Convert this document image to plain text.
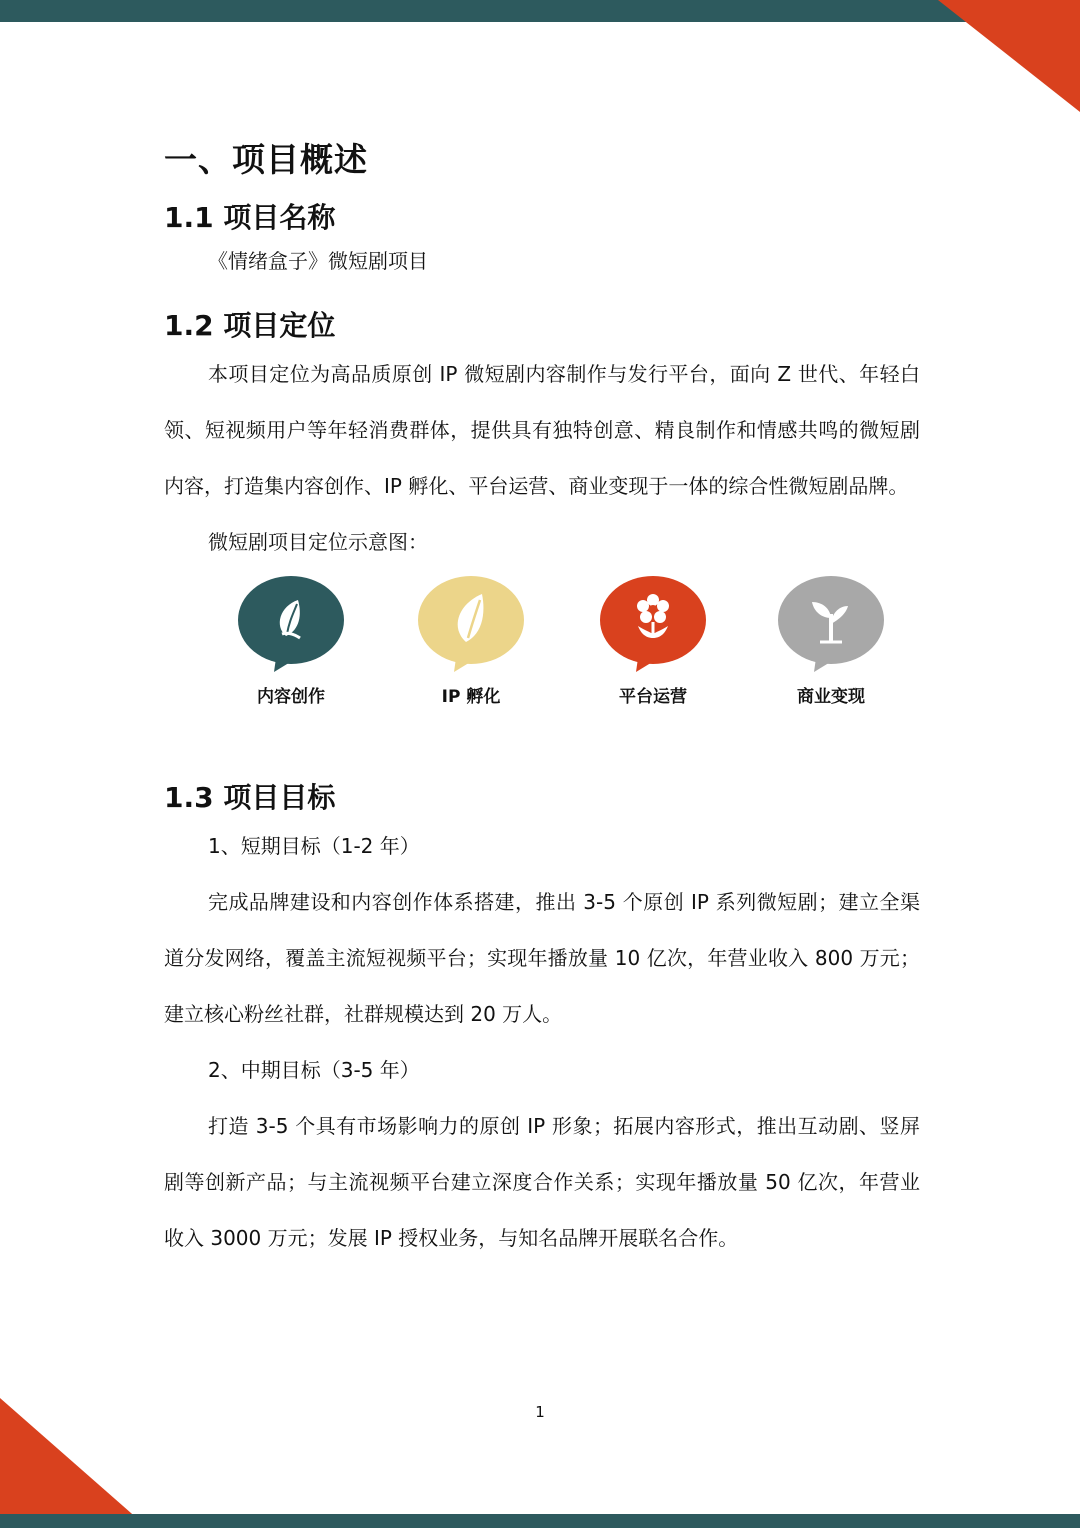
一、项目概述
1.1 项目名称
《情绪盒子》微短剧项目
1.2 项目定位

本项目定位为高品质原创 IP 微短剧内容制作与发行平台，面向 Z 世代、年轻白领、短视频用户等年轻消费群体，提供具有独特创意、精良制作和情感共鸣的微短剧内容，打造集内容创作、IP 孵化、平台运营、商业变现于一体的综合性微短剧品牌。

微短剧项目定位示意图：
内容创作	IP 孵化	平台运营	商业变现
1.3 项目目标
1、短期目标（1-2 年）

完成品牌建设和内容创作体系搭建，推出 3-5 个原创 IP 系列微短剧；建立全渠道分发网络，覆盖主流短视频平台；实现年播放量 10 亿次，年营业收入 800 万元；建立核心粉丝社群，社群规模达到 20 万人。

2、中期目标（3-5 年）

打造 3-5 个具有市场影响力的原创 IP 形象；拓展内容形式，推出互动剧、竖屏剧等创新产品；与主流视频平台建立深度合作关系；实现年播放量 50 亿次，年营业收入 3000 万元；发展 IP 授权业务，与知名品牌开展联名合作。

1
